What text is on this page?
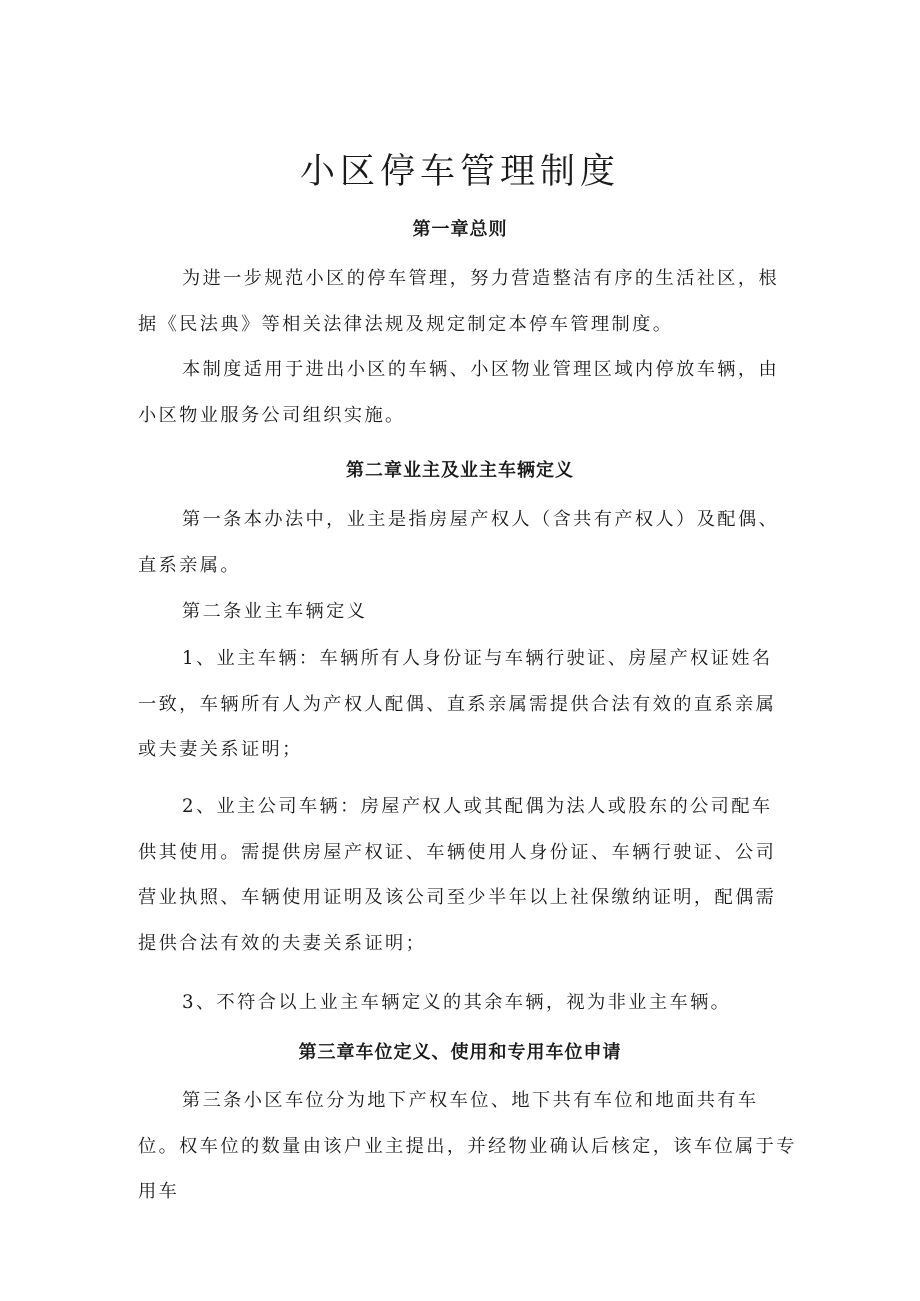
小区停车管理制度
第一章总则

为进一步规范小区的停车管理，努力营造整洁有序的生活社区，根据《民法典》等相关法律法规及规定制定本停车管理制度。

本制度适用于进出小区的车辆、小区物业管理区域内停放车辆，由小区物业服务公司组织实施。

第二章业主及业主车辆定义

第一条本办法中，业主是指房屋产权人（含共有产权人）及配偶、直系亲属。

第二条业主车辆定义

1、业主车辆：车辆所有人身份证与车辆行驶证、房屋产权证姓名一致，车辆所有人为产权人配偶、直系亲属需提供合法有效的直系亲属或夫妻关系证明；

2、业主公司车辆：房屋产权人或其配偶为法人或股东的公司配车供其使用。需提供房屋产权证、车辆使用人身份证、车辆行驶证、公司营业执照、车辆使用证明及该公司至少半年以上社保缴纳证明，配偶需提供合法有效的夫妻关系证明；

3、不符合以上业主车辆定义的其余车辆，视为非业主车辆。

第三章车位定义、使用和专用车位申请

第三条小区车位分为地下产权车位、地下共有车位和地面共有车位。权车位的数量由该户业主提出，并经物业确认后核定，该车位属于专用车
